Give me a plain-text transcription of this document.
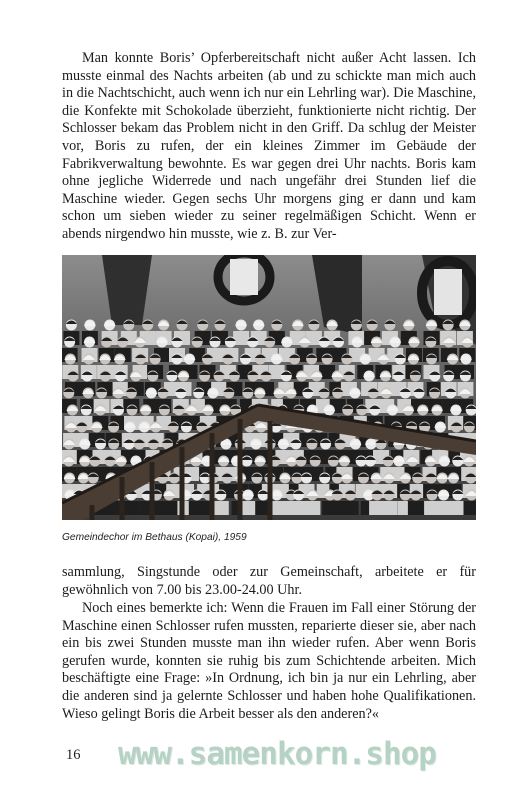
Man konnte Boris’ Opferbereitschaft nicht außer Acht lassen. Ich musste einmal des Nachts arbeiten (ab und zu schickte man mich auch in die Nachtschicht, auch wenn ich nur ein Lehrling war). Die Maschine, die Konfekte mit Schokolade überzieht, funktionierte nicht richtig. Der Schlosser bekam das Problem nicht in den Griff. Da schlug der Meister vor, Boris zu rufen, der ein kleines Zimmer im Gebäude der Fabrikverwaltung bewohnte. Es war gegen drei Uhr nachts. Boris kam ohne jegliche Widerrede und nach ungefähr drei Stunden lief die Maschine wieder. Gegen sechs Uhr morgens ging er dann und kam schon um sieben wieder zu seiner regelmäßigen Schicht. Wenn er abends nirgendwo hin musste, wie z. B. zur Ver-

Gemeindechor im Bethaus (Kopai), 1959

sammlung, Singstunde oder zur Gemeinschaft, arbeitete er für gewöhnlich von 7.00 bis 23.00-24.00 Uhr.

Noch eines bemerkte ich: Wenn die Frauen im Fall einer Störung der Maschine einen Schlosser rufen mussten, reparierte dieser sie, aber nach ein bis zwei Stunden musste man ihn wieder rufen. Aber wenn Boris gerufen wurde, konnten sie ruhig bis zum Schichtende arbeiten. Mich beschäftigte eine Frage: »In Ordnung, ich bin ja nur ein Lehrling, aber die anderen sind ja gelernte Schlosser und haben hohe Qualifikationen. Wieso gelingt Boris die Arbeit besser als den anderen?«

16 www.samenkorn.shop
